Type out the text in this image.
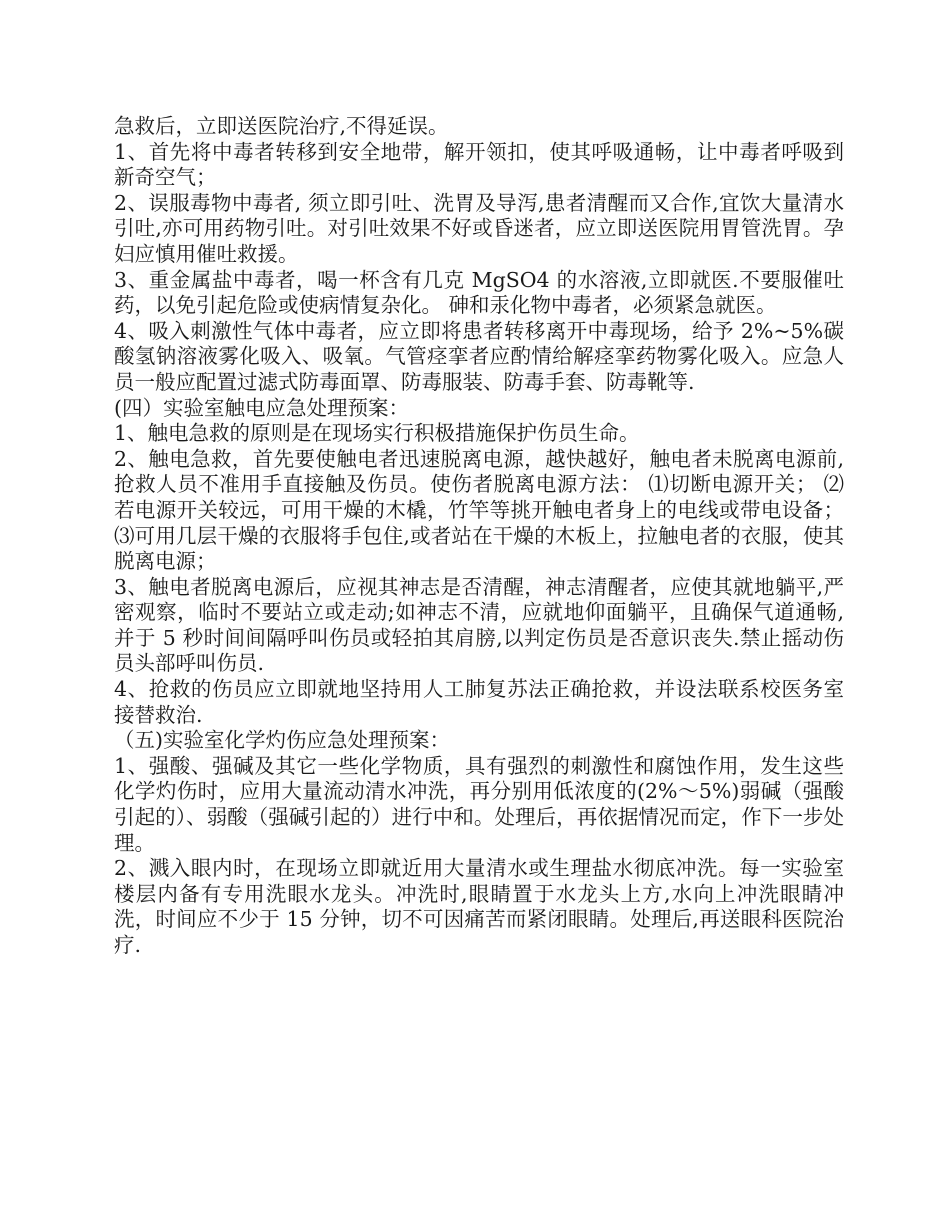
急救后，立即送医院治疗,不得延误。

1、首先将中毒者转移到安全地带，解开领扣，使其呼吸通畅，让中毒者呼吸到新奇空气；

2、误服毒物中毒者, 须立即引吐、洗胃及导泻,患者清醒而又合作,宜饮大量清水引吐,亦可用药物引吐。对引吐效果不好或昏迷者，应立即送医院用胃管洗胃。孕妇应慎用催吐救援。

3、重金属盐中毒者，喝一杯含有几克 MgSO4 的水溶液,立即就医.不要服催吐药，以免引起危险或使病情复杂化。 砷和汞化物中毒者，必须紧急就医。

4、吸入刺激性气体中毒者，应立即将患者转移离开中毒现场，给予 2%~5%碳酸氢钠溶液雾化吸入、吸氧。气管痉挛者应酌情给解痉挛药物雾化吸入。应急人员一般应配置过滤式防毒面罩、防毒服装、防毒手套、防毒靴等.

(四）实验室触电应急处理预案：

1、触电急救的原则是在现场实行积极措施保护伤员生命。

2、触电急救，首先要使触电者迅速脱离电源，越快越好，触电者未脱离电源前,抢救人员不准用手直接触及伤员。使伤者脱离电源方法： ⑴切断电源开关； ⑵若电源开关较远，可用干燥的木橇，竹竿等挑开触电者身上的电线或带电设备； ⑶可用几层干燥的衣服将手包住,或者站在干燥的木板上，拉触电者的衣服，使其脱离电源；

3、触电者脱离电源后，应视其神志是否清醒，神志清醒者，应使其就地躺平,严密观察，临时不要站立或走动;如神志不清，应就地仰面躺平，且确保气道通畅,并于 5 秒时间间隔呼叫伤员或轻拍其肩膀,以判定伤员是否意识丧失.禁止摇动伤员头部呼叫伤员.

4、抢救的伤员应立即就地坚持用人工肺复苏法正确抢救，并设法联系校医务室接替救治.

（五)实验室化学灼伤应急处理预案：

1、强酸、强碱及其它一些化学物质，具有强烈的刺激性和腐蚀作用，发生这些化学灼伤时，应用大量流动清水冲洗，再分别用低浓度的(2%～5%)弱碱（强酸引起的）、弱酸（强碱引起的）进行中和。处理后，再依据情况而定，作下一步处理。

2、溅入眼内时，在现场立即就近用大量清水或生理盐水彻底冲洗。每一实验室楼层内备有专用洗眼水龙头。冲洗时,眼睛置于水龙头上方,水向上冲洗眼睛冲洗，时间应不少于 15 分钟，切不可因痛苦而紧闭眼睛。处理后,再送眼科医院治疗.
